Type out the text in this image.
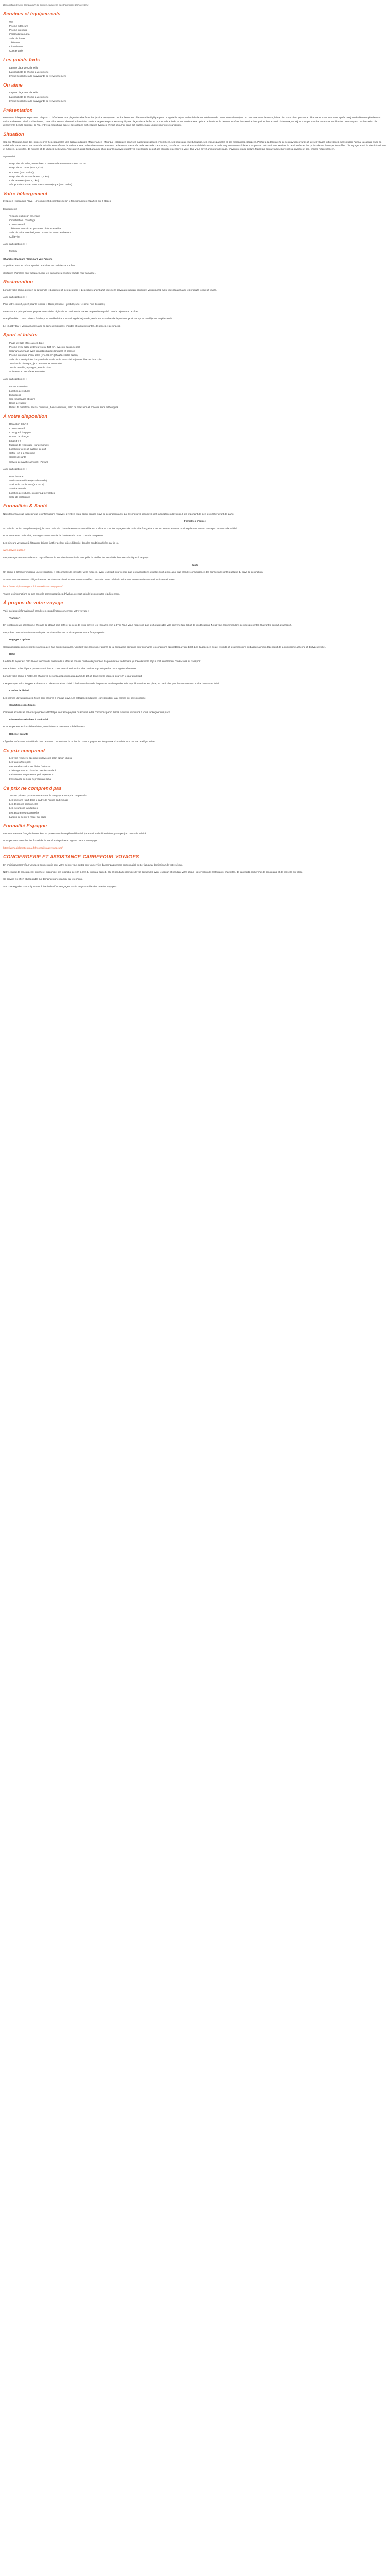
Description Ce prix comprend / Ce prix ne comprend pas Formalités Conciergerie

Services et équipements
• Wifi
• Piscine extérieure
• Piscine intérieure
• Centre de bien-être
• Salle de fitness
• Téléviseur
• Climatisation
• Conciergerie
Les points forts
• La plus plage de Cala Millor
• La possibilité de choisir la vue piscine
• L'hôtel sensibilisé à la sauvegarde de l'environnement
On aime
• La plus plage de Cala Millor
• La possibilité de choisir la vue piscine
• L'hôtel sensibilisé à la sauvegarde de l'environnement
Présentation

Bienvenue à l'Hipotels Hipocampo Playa 4* ! L'hôtel entre une plage de sable fin et des jardins verdoyants, cet établissement offre un cadre idyllique pour un agréable séjour au bord de la mer Méditerranée : vous rêvez d'un séjour en harmonie avec la nature, faites bien votre choix pour vous détendre et vous ressourcer après une journée bien remplie dans un cadre enchanteur. Situé sur la côte est, Cala Millor est une destination balnéaire prisée et appréciée pour ses magnifiques plages de sable fin, sa promenade animée et ses nombreuses options de loisirs et de détente. Profitez d'un service hors pair et d'un accueil chaleureux, ce séjour vous promet des vacances inoubliables. Ne manquez pas l'occasion de découvrir la beauté sauvage de l'île, entre sa magnifique baie et ses villages authentiques typiques. Venez séjourner dans cet établissement unique pour un séjour réussi.

Situation

Cap sur Majorque, l'une des plus célèbres îles espagnoles des Baléares dans la Méditerranée ! Majorque est réputée pour ses magnifiques plages ensoleillées, ses baies aux eaux turquoise, ses criques paisibles et ses montagnes escarpées. Partez à la découverte de ses paysages variés et de ses villages pittoresques, sans oublier Palma, la capitale avec sa cathédrale Santa Maria, ses marchés animés, son château de Bellver et ses ruelles charmantes. Au cœur de la nature préservée de la Serra de Tramuntana, classée au patrimoine mondial de l'UNESCO, ou le long des routes côtières vous pourrez découvrir des sentiers de randonnées et des points de vue à couper le souffle. L'île regorge aussi de sites historiques et culturels, de grottes, de musées et de villages médiévaux. Vous aurez aussi l'embarras du choix pour les activités sportives et de loisirs, de golf à la plongée ou encore la voile. Que vous soyez amateurs de plage, d'aventure ou de culture, Majorque saura vous séduire par sa diversité et son charme méditerranéen.

À proximité :

• Plage de Cala Millor, accès direct – promenade à traverser – (env. 25 m)
• Plage de Sa Coma (env. 1,5 km)
• Port Verd (env. 2,5 km)
• Plage de Cala Morlanda (env. 2,6 km)
• Cala Murtassa (env. 2,7 km)
• Aéroport de Son San Joan Palma de Majorque (env. 70 km)
Votre hébergement

L'Hipotels Hipocampo Playa – 4* compte 204 chambres selon le fonctionnement réparties sur 6 étages.

Équipements :

• Terrasse ou balcon aménagé
• Climatisation / chauffage
• Connexion Wifi
• Téléviseur avec écran plasma et chaînes satellite
• Salle de bains avec baignoire ou douche et sèche-cheveux
• Coffre-fort

Avec participation (€) :

• Minibar
Chambre Standard / Standard vue Piscine

Superficie : env. 27 m² – Capacité : 3 adultes ou 2 adultes + 1 enfant

Certaines chambres sont adaptées pour les personnes à mobilité réduite (sur demande).

Restauration

Lors de votre séjour, profitez de la formule « Logement et petit déjeuner » Le petit déjeuner buffet vous sera servi au restaurant principal : vous pourrez ainsi vous régaler avec les produits locaux et variés.

Avec participation (€) :

Pour votre confort, optez pour la formule « Demi-pension » (petit déjeuner et dîner hors boissons)

Le restaurant principal vous propose une cuisine régionale et continentale variée, de première qualité pour le déjeuner et le dîner.

Une pièce bien… Une boisson fraîche pour se désaltérer tout au long de la journée, rendez-vous au bar de la piscine « pool bar » pour un déjeuner ou plats en lit.

Le « Lobby Bar » vous accueille avec sa carte de boissons chaudes et rafraîchissantes, de glaces et de snacks.

Sport et loisirs
• Plage de Cala Millor, accès direct
• Piscine d'eau salée extérieure (env. 525 m²), avec un bassin séparé
• Solarium aménagé avec transats (chaises longues) et parasols
• Piscine intérieure d'eau salée (env. 85 m²) (chauffée selon saison)
• Salle de sport équipée d'appareils de cardio et de musculation (accès libre de 7h à 22h)
• Terrains de pétanque, jeux de cartes et de société
• Tennis de table, aquagym, jeux de piste
• Animation en journée et en soirée

Avec participation (€) :

• Location de vélos
• Location de voitures
• Excursions
• Spa : massages et soins
• Bains de vapeur
• Pistes de marathon, sauna, hammam, bains à remous, salon de relaxation et zone de soins esthétiques
À votre disposition
• Réception 24h/24
• Connexion Wifi
• Consigne à bagages
• Bureau de change
• Espace TV
• Matériel de repassage (sur demande)
• Local pour vélos et matériel de golf
• Coffre-fort à la réception
• Centre de santé
• Service de navette aéroport - Payant

Avec participation (€) :

• Blanchisserie
• Assistance médicale (sur demande)
• Station de bus locaux (env. 50 m)
• Service de taxis
• Location de voitures, scooters & bicyclettes
• Salle de conférence
Formalités & Santé

Nous tenons à vous rappeler que les informations relatives à l'entrée et au séjour dans le pays de destination ainsi que les mesures sanitaires sont susceptibles d'évoluer. Il est important de bien les vérifier avant de partir.

Formalités d'entrée

Au sein de l'Union européenne (UE), la carte nationale d'identité en cours de validité est suffisante pour les voyageurs de nationalité française. Il est recommandé de se munir également de son passeport en cours de validité.

Pour toute autre nationalité, renseignez-vous auprès de l'ambassade ou du consulat compétent.

Les mineurs voyageant à l'étranger doivent justifier de leur pièce d'identité dans les conditions fixées par la loi.

www.service-public.fr

Les passagers en transit dans un pays différent de leur destination finale sont priés de vérifier les formalités d'entrée spécifiques à ce pays.

Santé

Un séjour à l'étranger implique une préparation. Il est conseillé de consulter votre médecin avant le départ pour vérifier que les vaccinations usuelles sont à jour, ainsi que prendre connaissance des conseils de santé publique du pays de destination.

Aucune vaccination n'est obligatoire mais certaines vaccinations sont recommandées. Consultez votre médecin traitant ou un centre de vaccinations internationales.

https://www.diplomatie.gouv.fr/fr/conseils-aux-voyageurs/

Toutes les informations de ces conseils sont susceptibles d'évoluer, prenez soin de les consulter régulièrement.

À propos de votre voyage

Voici quelques informations à prendre en considération concernant votre voyage :

• Transport

En fonction du vol sélectionné, l'horaire de départ peut différer de celui de votre arrivée (ex : 6h à 9h, 15h à 17h). Nous vous rappelons que les horaires des vols peuvent faire l'objet de modifications. Nous vous recommandons de vous présenter 2h avant le départ à l'aéroport.

Les pré- et post- acheminements depuis certaines villes de province peuvent vous être proposés.

• Bagages – options

Certains bagages peuvent être soumis à des frais supplémentaires. Veuillez vous renseigner auprès de la compagnie aérienne pour connaître les conditions applicables à votre billet. Les bagages en soute, le poids et les dimensions du bagage à main dépendent de la compagnie aérienne et du type de billet.

• Hôtel

La date de séjour est calculée en fonction du nombre de nuitées et non du nombre de journées. La première et la dernière journée de votre séjour sont entièrement consacrées au transport.

Les arrivées ou les départs peuvent avoir lieu en cours de nuit en fonction des horaires imposés par les compagnies aériennes.

Lors de votre séjour à l'hôtel, les chambres ne sont à disposition qu'à partir de 14h et doivent être libérées pour 12h le jour du départ.

Il se peut que, selon le type de chambre ou de restauration choisi, l'hôtel vous demande de prendre en charge des frais supplémentaires sur place, en particulier pour les services non inclus dans votre forfait.

• Confort de l'hôtel

Les normes d'évaluation des hôtels sont propres à chaque pays. Les catégories indiquées correspondent aux normes du pays concerné.

• Conditions spécifiques

Certaines activités et services proposés à l'hôtel peuvent être payants ou soumis à des conditions particulières. Nous vous invitons à vous renseigner sur place.

• Informations relatives à la sécurité

Pour les personnes à mobilité réduite, merci de nous contacter préalablement.

• Bébés et enfants

L'âge des enfants est calculé à la date de retour. Les enfants de moins de 2 ans voyagent sur les genoux d'un adulte et n'ont pas de siège attitré.

Ce prix comprend
• Les vols réguliers, spéciaux ou low cost selon option choisie
• Les taxes d'aéroport
• Les transferts aéroport / hôtel / aéroport
• L'hébergement en chambre double standard
• La formule « Logement et petit déjeuner »
• L'assistance de notre représentant local
Ce prix ne comprend pas
• Tout ce qui n'est pas mentionné dans le paragraphe « ce prix comprend »
• Les boissons (sauf dans le cadre de l'option tout inclus)
• Les dépenses personnelles
• Les excursions facultatives
• Les assurances optionnelles
• La taxe de séjour à régler sur place
Formalité Espagne

Les ressortissants français doivent être en possession d'une pièce d'identité (carte nationale d'identité ou passeport) en cours de validité.

Nous pouvons consulter les formalités de santé et de police en vigueur pour votre voyage :

https://www.diplomatie.gouv.fr/fr/conseils-aux-voyageurs/

CONCIERGERIE ET ASSISTANCE CARREFOUR VOYAGES

En choisissant Carrefour Voyages Conciergerie pour votre séjour, vous optez pour un service d'accompagnement personnalisé du 1er jusqu'au dernier jour de votre séjour.

Notre équipe de conciergerie, experte et disponible, est joignable de 10h à 19h du lundi au samedi. Elle répond à l'ensemble de vos demandes avant le départ et pendant votre séjour : réservation de restaurants, d'activités, de transferts, recherche de bons plans et de conseils sur place.

Ce service est offert et disponible sur demande par e-mail ou par téléphone.

Vos conciergeries sont uniquement à titre indicatif et n'engagent pas la responsabilité de Carrefour Voyages.
